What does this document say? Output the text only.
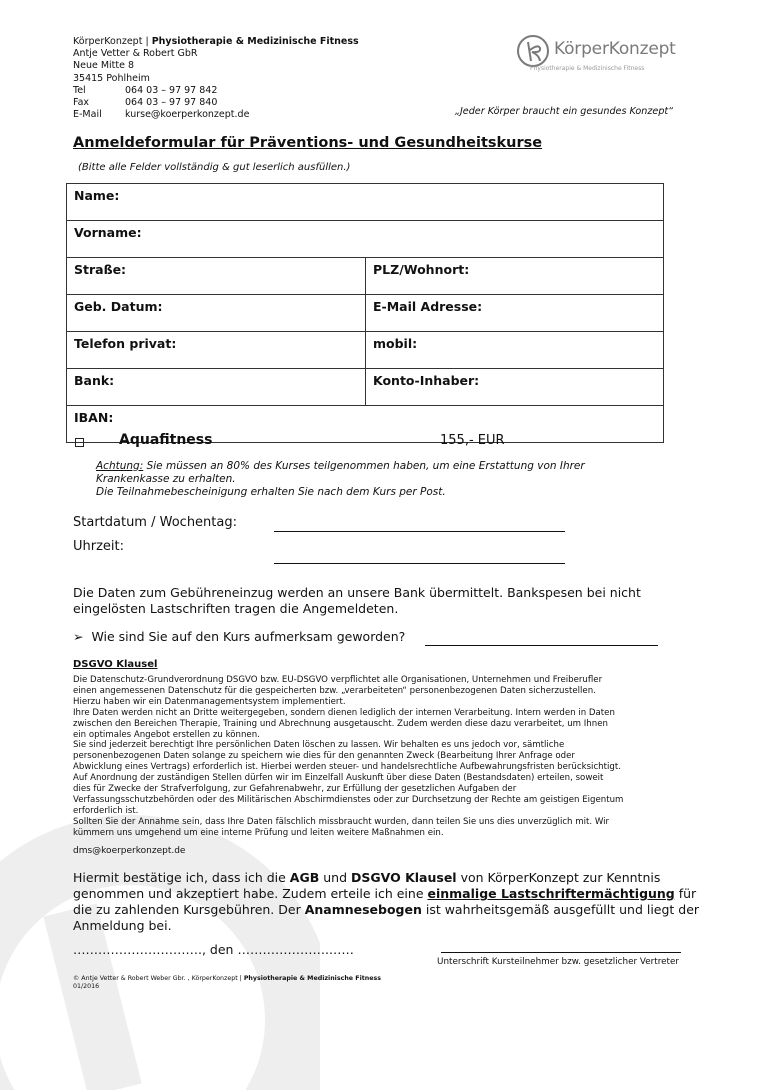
KörperKonzept | Physiotherapie & Medizinische Fitness
Antje Vetter & Robert GbR
Neue Mitte 8
35415 Pohlheim
Tel	064 03 – 97 97 842
Fax	064 03 – 97 97 840
E-Mail kurse@koerperkonzept.de
KörperKonzept
Physiotherapie & Medizinische Fitness
„Jeder Körper braucht ein gesundes Konzept“
Anmeldeformular für Präventions- und Gesundheitskurse
(Bitte alle Felder vollständig & gut leserlich ausfüllen.)
Name:	
Vorname:	
Straße:	PLZ/Wohnort:
Geb. Datum:	E-Mail Adresse:
Telefon privat:	mobil:
Bank:	Konto-Inhaber:
IBAN:	
Aquafitness	155,- EUR
Achtung: Sie müssen an 80% des Kurses teilgenommen haben, um eine Erstattung von Ihrer
Krankenkasse zu erhalten.
Die Teilnahmebescheinigung erhalten Sie nach dem Kurs per Post.
Startdatum / Wochentag:
Uhrzeit:
Die Daten zum Gebühreneinzug werden an unsere Bank übermittelt. Bankspesen bei nicht eingelösten Lastschriften tragen die Angemeldeten.
➢ Wie sind Sie auf den Kurs aufmerksam geworden?
DSGVO Klausel
Die Datenschutz-Grundverordnung DSGVO bzw. EU-DSGVO verpflichtet alle Organisationen, Unternehmen und Freiberufler
einen angemessenen Datenschutz für die gespeicherten bzw. „verarbeiteten“ personenbezogenen Daten sicherzustellen.
Hierzu haben wir ein Datenmanagementsystem implementiert.
Ihre Daten werden nicht an Dritte weitergegeben, sondern dienen lediglich der internen Verarbeitung. Intern werden in Daten
zwischen den Bereichen Therapie, Training und Abrechnung ausgetauscht. Zudem werden diese dazu verarbeitet, um Ihnen
ein optimales Angebot erstellen zu können.
Sie sind jederzeit berechtigt Ihre persönlichen Daten löschen zu lassen. Wir behalten es uns jedoch vor, sämtliche
personenbezogenen Daten solange zu speichern wie dies für den genannten Zweck (Bearbeitung Ihrer Anfrage oder
Abwicklung eines Vertrags) erforderlich ist. Hierbei werden steuer- und handelsrechtliche Aufbewahrungsfristen berücksichtigt.
Auf Anordnung der zuständigen Stellen dürfen wir im Einzelfall Auskunft über diese Daten (Bestandsdaten) erteilen, soweit
dies für Zwecke der Strafverfolgung, zur Gefahrenabwehr, zur Erfüllung der gesetzlichen Aufgaben der
Verfassungsschutzbehörden oder des Militärischen Abschirmdienstes oder zur Durchsetzung der Rechte am geistigen Eigentum
erforderlich ist.
Sollten Sie der Annahme sein, dass Ihre Daten fälschlich missbraucht wurden, dann teilen Sie uns dies unverzüglich mit. Wir
kümmern uns umgehend um eine interne Prüfung und leiten weitere Maßnahmen ein.
dms@koerperkonzept.de
Hiermit bestätige ich, dass ich die AGB und DSGVO Klausel von KörperKonzept zur Kenntnis genommen und akzeptiert habe. Zudem erteile ich eine einmalige Lastschriftermächtigung für die zu zahlenden Kursgebühren. Der Anamnesebogen ist wahrheitsgemäß ausgefüllt und liegt der Anmeldung bei.
…………………………., den ………………….……
Unterschrift Kursteilnehmer bzw. gesetzlicher Vertreter
© Antje Vetter & Robert Weber Gbr. , KörperKonzept | Physiotherapie & Medizinische Fitness
01/2016
